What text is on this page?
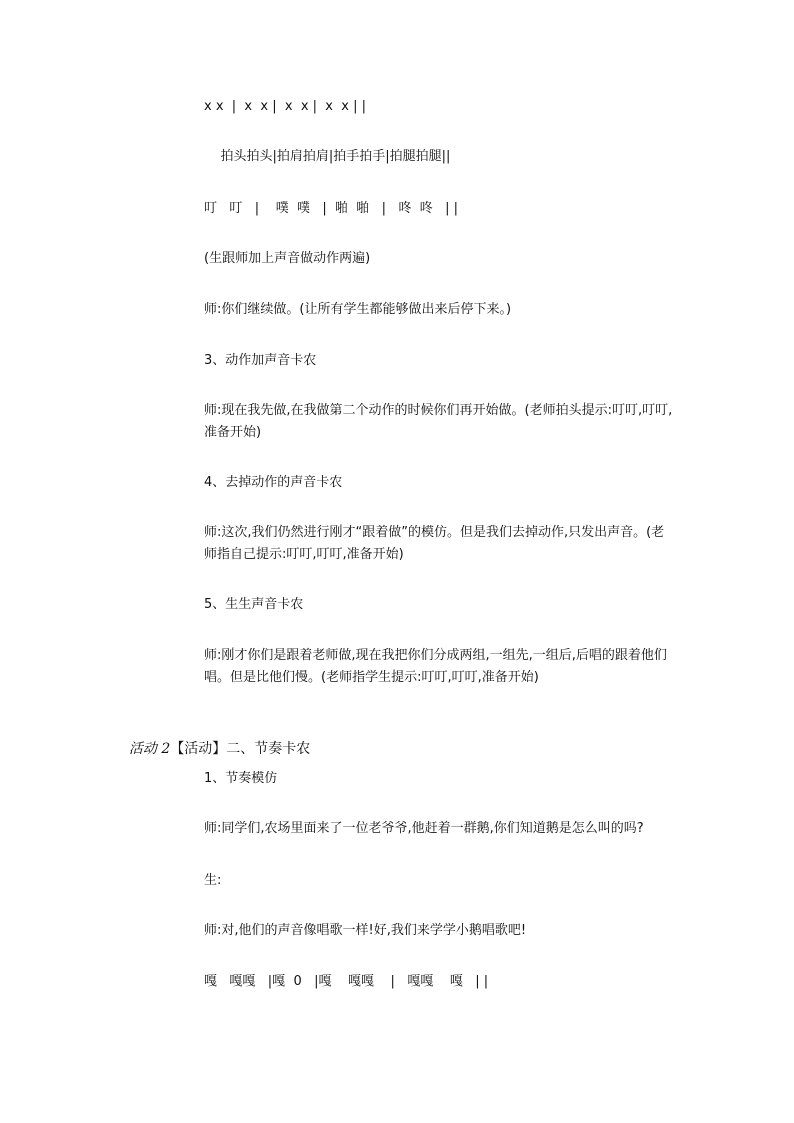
x x  |  x  x |  x  x |  x  x | |

拍头拍头|拍肩拍肩|拍手拍手|拍腿拍腿||

叮   叮   |    噗  噗   |  啪  啪   |   咚  咚   | |

(生跟师加上声音做动作两遍)

师:你们继续做。(让所有学生都能够做出来后停下来。)

3、动作加声音卡农

师:现在我先做,在我做第二个动作的时候你们再开始做。(老师拍头提示:叮叮,叮叮,准备开始)

4、去掉动作的声音卡农

师:这次,我们仍然进行刚才“跟着做”的模仿。但是我们去掉动作,只发出声音。(老师指自己提示:叮叮,叮叮,准备开始)

5、生生声音卡农

师:刚才你们是跟着老师做,现在我把你们分成两组,一组先,一组后,后唱的跟着他们唱。但是比他们慢。(老师指学生提示:叮叮,叮叮,准备开始)

活动 2【活动】二、节奏卡农

1、节奏模仿

师:同学们,农场里面来了一位老爷爷,他赶着一群鹅,你们知道鹅是怎么叫的吗?

生:

师:对,他们的声音像唱歌一样!好,我们来学学小鹅唱歌吧!

嘎   嘎嘎   |嘎  0   |嘎    嘎嘎    |   嘎嘎    嘎   | |
